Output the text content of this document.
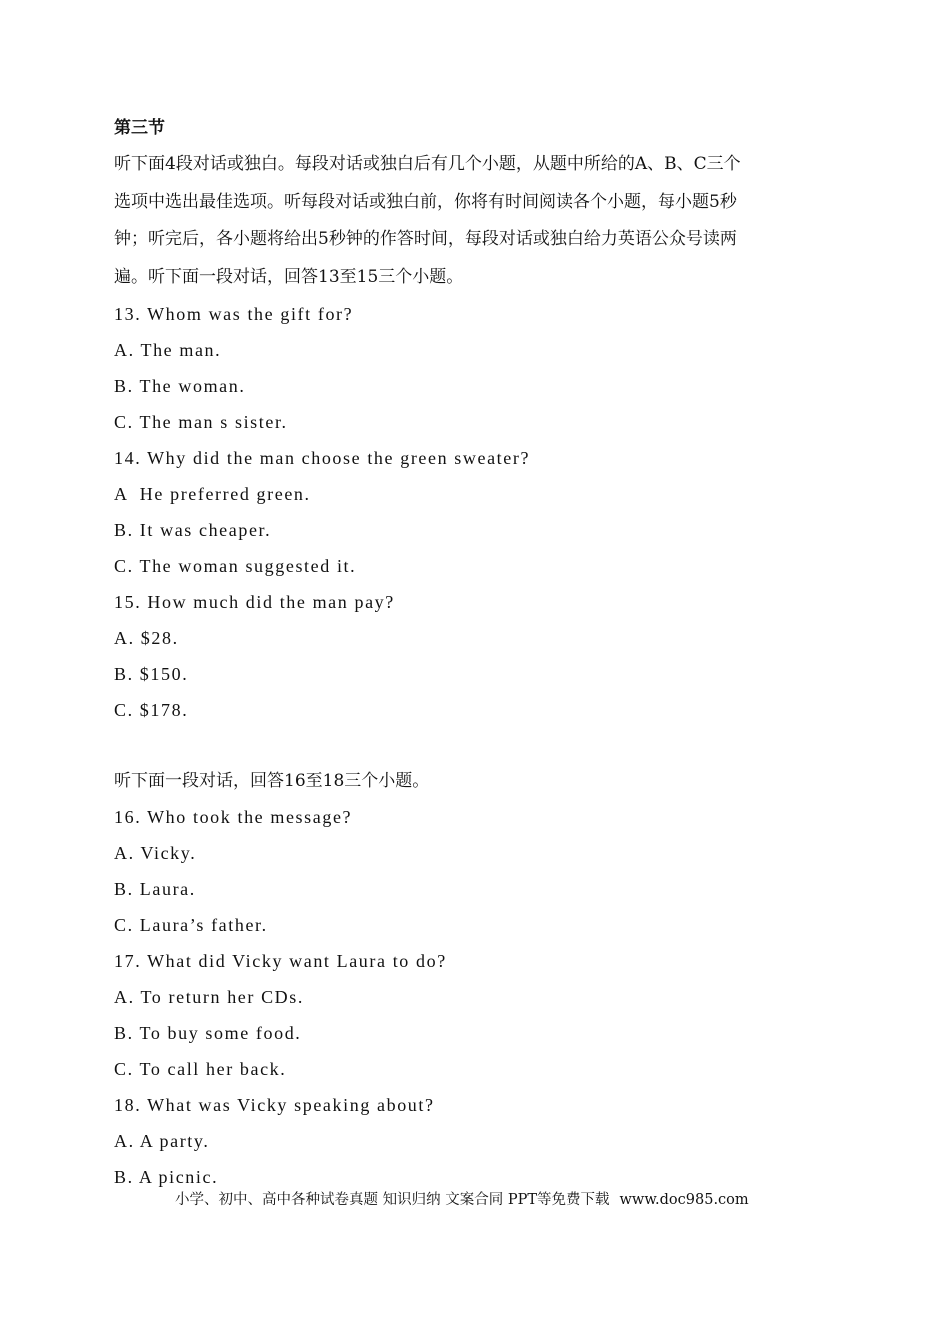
第三节

听下面4段对话或独白。每段对话或独白后有几个小题，从题中所给的A、B、C三个

选项中选出最佳选项。听每段对话或独白前，你将有时间阅读各个小题，每小题5秒

钟；听完后，各小题将给出5秒钟的作答时间，每段对话或独白给力英语公众号读两

遍。听下面一段对话，回答13至15三个小题。

13. Whom was the gift for?
A. The man.
B. The woman.
C. The man s sister.
14. Why did the man choose the green sweater?
A  He preferred green.
B. It was cheaper.
C. The woman suggested it.
15. How much did the man pay?
A. $28.
B. $150.
C. $178.
听下面一段对话，回答16至18三个小题。
16. Who took the message?
A. Vicky.
B. Laura.
C. Laura’s father.
17. What did Vicky want Laura to do?
A. To return her CDs.
B. To buy some food.
C. To call her back.
18. What was Vicky speaking about?
A. A party.
B. A picnic.
小学、初中、高中各种试卷真题 知识归纳 文案合同 PPT等免费下载 www.doc985.com
